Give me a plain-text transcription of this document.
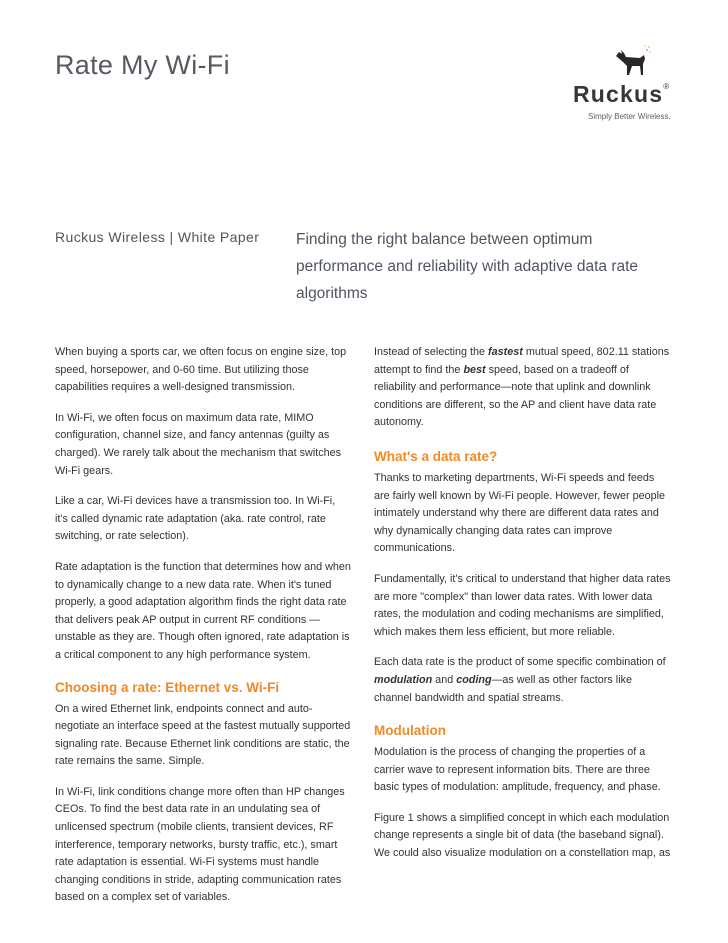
Rate My Wi-Fi
Ruckus®
Simply Better Wireless.
Ruckus Wireless | White Paper Finding the right balance between optimum performance and reliability with adaptive data rate algorithms

When buying a sports car, we often focus on engine size, top speed, horsepower, and 0-60 time. But utilizing those capabilities requires a well-designed transmission.

In Wi-Fi, we often focus on maximum data rate, MIMO configuration, channel size, and fancy antennas (guilty as charged). We rarely talk about the mechanism that switches Wi-Fi gears.

Like a car, Wi-Fi devices have a transmission too. In Wi-Fi, it's called dynamic rate adaptation (aka. rate control, rate switching, or rate selection).

Rate adaptation is the function that determines how and when to dynamically change to a new data rate. When it's tuned properly, a good adaptation algorithm finds the right data rate that delivers peak AP output in current RF conditions — unstable as they are. Though often ignored, rate adaptation is a critical component to any high performance system.

Choosing a rate: Ethernet vs. Wi-Fi

On a wired Ethernet link, endpoints connect and auto-negotiate an interface speed at the fastest mutually supported signaling rate. Because Ethernet link conditions are static, the rate remains the same. Simple.

In Wi-Fi, link conditions change more often than HP changes CEOs. To find the best data rate in an undulating sea of unlicensed spectrum (mobile clients, transient devices, RF interference, temporary networks, bursty traffic, etc.), smart rate adaptation is essential. Wi-Fi systems must handle changing conditions in stride, adapting communication rates based on a complex set of variables.

Instead of selecting the fastest mutual speed, 802.11 stations attempt to find the best speed, based on a tradeoff of reliability and performance—note that uplink and downlink conditions are different, so the AP and client have data rate autonomy.

What's a data rate?

Thanks to marketing departments, Wi-Fi speeds and feeds are fairly well known by Wi-Fi people. However, fewer people intimately understand why there are different data rates and why dynamically changing data rates can improve communications.

Fundamentally, it's critical to understand that higher data rates are more "complex" than lower data rates. With lower data rates, the modulation and coding mechanisms are simplified, which makes them less efficient, but more reliable.

Each data rate is the product of some specific combination of modulation and coding—as well as other factors like channel bandwidth and spatial streams.

Modulation

Modulation is the process of changing the properties of a carrier wave to represent information bits. There are three basic types of modulation: amplitude, frequency, and phase.

Figure 1 shows a simplified concept in which each modulation change represents a single bit of data (the baseband signal). We could also visualize modulation on a constellation map, as
